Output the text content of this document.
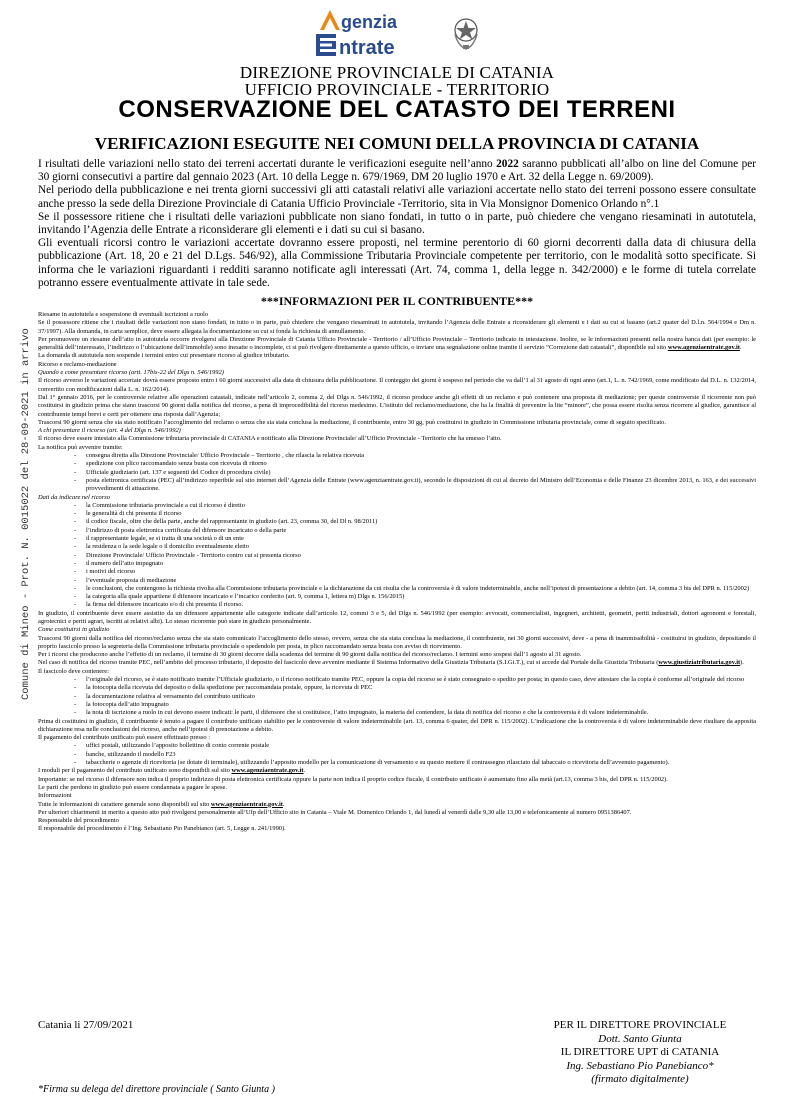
Comune di Mineo - Prot. N. 0015022 del 28-09-2021 in arrivo
genzia
ntrate
DIREZIONE PROVINCIALE DI CATANIA
UFFICIO PROVINCIALE - TERRITORIO
CONSERVAZIONE DEL CATASTO DEI TERRENI
VERIFICAZIONI ESEGUITE NEI COMUNI DELLA PROVINCIA DI CATANIA

I risultati delle variazioni nello stato dei terreni accertati durante le verificazioni eseguite nell’anno 2022 saranno pubblicati all’albo on line del Comune per 30 giorni consecutivi a partire dal gennaio 2023 (Art. 10 della Legge n. 679/1969, DM 20 luglio 1970 e Art. 32 della Legge n. 69/2009).

Nel periodo della pubblicazione e nei trenta giorni successivi gli atti catastali relativi alle variazioni accertate nello stato dei terreni possono essere consultate anche presso la sede della Direzione Provinciale di Catania Ufficio Provinciale -Territorio, sita in Via Monsignor Domenico Orlando n°.1

Se il possessore ritiene che i risultati delle variazioni pubblicate non siano fondati, in tutto o in parte, può chiedere che vengano riesaminati in autotutela, invitando l’Agenzia delle Entrate a riconsiderare gli elementi e i dati su cui si basano.

Gli eventuali ricorsi contro le variazioni accertate dovranno essere proposti, nel termine perentorio di 60 giorni decorrenti dalla data di chiusura della pubblicazione (Art. 18, 20 e 21 del D.Lgs. 546/92), alla Commissione Tributaria Provinciale competente per territorio, con le modalità sotto specificate. Si informa che le variazioni riguardanti i redditi saranno notificate agli interessati (Art. 74, comma 1, della legge n. 342/2000) e le forme di tutela correlate potranno essere eventualmente attivate in tale sede.

***INFORMAZIONI PER IL CONTRIBUENTE***

Riesame in autotutela e sospensione di eventuali iscrizioni a ruolo

Se il possessore ritiene che i risultati delle variazioni non siano fondati, in tutto o in parte, può chiedere che vengano riesaminati in autotutela, invitando l’Agenzia delle Entrate a riconsiderare gli elementi e i dati su cui si basano (art.2 quater del D.l.n. 564/1994 e Dm n. 37/1997). Alla domanda, in carta semplice, deve essere allegata la documentazione su cui si fonda la richiesta di annullamento.

Per promuovere un riesame dell’atto in autotutela occorre rivolgersi alla Direzione Provinciale di Catania Ufficio Provinciale - Territorio / all’Ufficio Provinciale – Territorio indicato in intestazione. Inoltre, se le informazioni presenti nella nostra banca dati (per esempio: le generalità dell’interessato, l’indirizzo o l’ubicazione dell’immobile) sono inesatte o incomplete, ci si può rivolgere direttamente a questo ufficio, o inviare una segnalazione online tramite il servizio “Correzione dati catastali”, disponibile sul sito www.agenziaentrate.gov.it.

La domanda di autotutela non sospende i termini entro cui presentare ricorso al giudice tributario.

Ricorso e reclamo-mediazione

Quando e come presentare ricorso (artt. 17bis-22 del Dlgs n. 546/1992)

Il ricorso avverso le variazioni accertate dovrà essere proposto entro i 60 giorni successivi alla data di chiusura della pubblicazione. Il conteggio dei giorni è sospeso nel periodo che va dall’1 al 31 agosto di ogni anno (art.1, L. n. 742/1969, come modificato dal D.L. n. 132/2014, convertito con modificazioni dalla L. n. 162/2014).

Dal 1° gennaio 2016, per le controversie relative alle operazioni catastali, indicate nell’articolo 2, comma 2, del Dlgs n. 546/1992, il ricorso produce anche gli effetti di un reclamo e può contenere una proposta di mediazione; per queste controversie il ricorrente non può costituirsi in giudizio prima che siano trascorsi 90 giorni dalla notifica del ricorso, a pena di improcedibilità del ricorso medesimo. L’istituto del reclamo/mediazione, che ha la finalità di prevenire la lite “minore”, che possa essere risolta senza ricorrere al giudice, garantisce al contribuente tempi brevi e certi per ottenere una risposta dall’Agenzia;

Trascorsi 90 giorni senza che sia stato notificato l’accoglimento del reclamo o senza che sia stata conclusa la mediazione, il contribuente, entro 30 gg, può costituirsi in giudizio in Commissione tributaria provinciale, come di seguito specificato.

A chi presentare il ricorso (art. 4 del Dlgs n. 546/1992)

Il ricorso deve essere intestato alla Commissione tributaria provinciale di CATANIA e notificato alla Direzione Provinciale/ all’Ufficio Provinciale - Territorio che ha emesso l’atto.

La notifica può avvenire tramite:

- consegna diretta alla Direzione Provinciale/ Ufficio Provinciale – Territorio , che rilascia la relativa ricevuta
- spedizione con plico raccomandato senza busta con ricevuta di ritorno
- Ufficiale giudiziario (art. 137 e seguenti del Codice di procedura civile)
- posta elettronica certificata (PEC) all’indirizzo reperibile sul sito internet dell’Agenzia delle Entrate (www.agenziaentrate.gov.it), secondo le disposizioni di cui al decreto del Ministro dell’Economia e delle Finanze 23 dicembre 2013, n. 163, e dei successivi provvedimenti di attuazione.

Dati da indicare nel ricorso

- la Commissione tributaria provinciale a cui il ricorso è diretto
- le generalità di chi presenta il ricorso
- il codice fiscale, oltre che della parte, anche del rappresentante in giudizio (art. 23, comma 30, del Dl n. 98/2011)
- l’indirizzo di posta elettronica certificata del difensore incaricato o della parte
- il rappresentante legale, se si tratta di una società o di un ente
- la residenza o la sede legale o il domicilio eventualmente eletto
- Direzione Provinciale/ Ufficio Provinciale - Territorio contro cui si presenta ricorso
- il numero dell’atto impugnato
- i motivi del ricorso
- l’eventuale proposta di mediazione
- le conclusioni, che contengono la richiesta rivolta alla Commissione tributaria provinciale e la dichiarazione da cui risulta che la controversia è di valore indeterminabile, anche nell’ipotesi di presentazione a debito (art. 14, comma 3 bis del DPR n. 115/2002)
- la categoria alla quale appartiene il difensore incaricato e l’incarico conferito (art. 9, comma 1, lettera m) Dlgs n. 156/2015)
- la firma del difensore incaricato e/o di chi presenta il ricorso.

In giudizio, il contribuente deve essere assistito da un difensore appartenente alle categorie indicate dall’articolo 12, commi 3 e 5, del Dlgs n. 546/1992 (per esempio: avvocati, commercialisti, ingegneri, architetti, geometri, periti industriali, dottori agronomi e forestali, agrotecnici e periti agrari, iscritti ai relativi albi). Lo stesso ricorrente può stare in giudizio personalmente.

Come costituirsi in giudizio

Trascorsi 90 giorni dalla notifica del ricorso/reclamo senza che sia stato comunicato l’accoglimento dello stesso, ovvero, senza che sia stata conclusa la mediazione, il contribuente, nei 30 giorni successivi, deve - a pena di inammissibilità - costituirsi in giudizio, depositando il proprio fascicolo presso la segreteria della Commissione tributaria provinciale o spedendolo per posta, in plico raccomandato senza busta con avviso di ricevimento.

Per i ricorsi che producono anche l’effetto di un reclamo, il termine di 30 giorni decorre dalla scadenza del termine di 90 giorni dalla notifica del ricorso/reclamo. I termini sono sospesi dall’1 agosto al 31 agosto.

Nel caso di notifica del ricorso tramite PEC, nell’ambito del processo tributario, il deposito del fascicolo deve avvenire mediante il Sistema Informativo della Giustizia Tributaria (S.I.Gi.T.), cui si accede dal Portale della Giustizia Tributaria (www.giustiziatributaria.gov.it).

Il fascicolo deve contenere:

- l’originale del ricorso, se è stato notificato tramite l’Ufficiale giudiziario, o il ricorso notificato tramite PEC, oppure la copia del ricorso se è stato consegnato o spedito per posta; in questo caso, deve attestare che la copia è conforme all’originale del ricorso
- la fotocopia della ricevuta del deposito o della spedizione per raccomandata postale, oppure, la ricevuta di PEC
- la documentazione relativa al versamento del contributo unificato
- la fotocopia dell’atto impugnato
- la nota di iscrizione a ruolo in cui devono essere indicati: le parti, il difensore che si costituisce, l’atto impugnato, la materia del contendere, la data di notifica del ricorso e che la controversia è di valore indeterminabile.

Prima di costituirsi in giudizio, il contribuente è tenuto a pagare il contributo unificato stabilito per le controversie di valore indeterminabile (art. 13, comma 6 quater, del DPR n. 115/2002). L’indicazione che la controversia è di valore indeterminabile deve risultare da apposita dichiarazione resa nelle conclusioni del ricorso, anche nell’ipotesi di prenotazione a debito.

Il pagamento del contributo unificato può essere effettuato presso :

- uffici postali, utilizzando l’apposito bollettino di conto corrente postale
- banche, utilizzando il modello F23
- tabaccherie o agenzie di ricevitoria (se dotate di terminale), utilizzando l’apposito modello per la comunicazione di versamento e su questo mettere il contrassegno rilasciato dal tabaccaio o ricevitoria dell’avvenuto pagamento).

I moduli per il pagamento del contributo unificato sono disponibili sul sito www.agenziaentrate.gov.it.

Importante: se nel ricorso il difensore non indica il proprio indirizzo di posta elettronica certificata oppure la parte non indica il proprio codice fiscale, il contributo unificato è aumentato fino alla metà (art.13, comma 3 bis, del DPR n. 115/2002).

Le parti che perdono in giudizio può essere condannata a pagare le spese.

Informazioni

Tutte le informazioni di carattere generale sono disponibili sul sito www.agenziaentrate.gov.it.

Per ulteriori chiarimenti in merito a questo atto può rivolgersi personalmente all’Ufp dell’Ufficio sito in Catania – Viale M. Domenico Orlando 1, dal lunedì al venerdì dalle 9,30 alle 13,00 e telefonicamente al numero 0951386407.

Responsabile del procedimento

Il responsabile del procedimento è l’Ing. Sebastiano Pio Panebianco (art. 5, Legge n. 241/1990).

Catania li 27/09/2021	PER IL DIRETTORE PROVINCIALE
Dott. Santo Giunta
IL DIRETTORE UPT di CATANIA
Ing. Sebastiano Pio Panebianco*
(firmato digitalmente)
*Firma su delega del direttore provinciale ( Santo Giunta )
